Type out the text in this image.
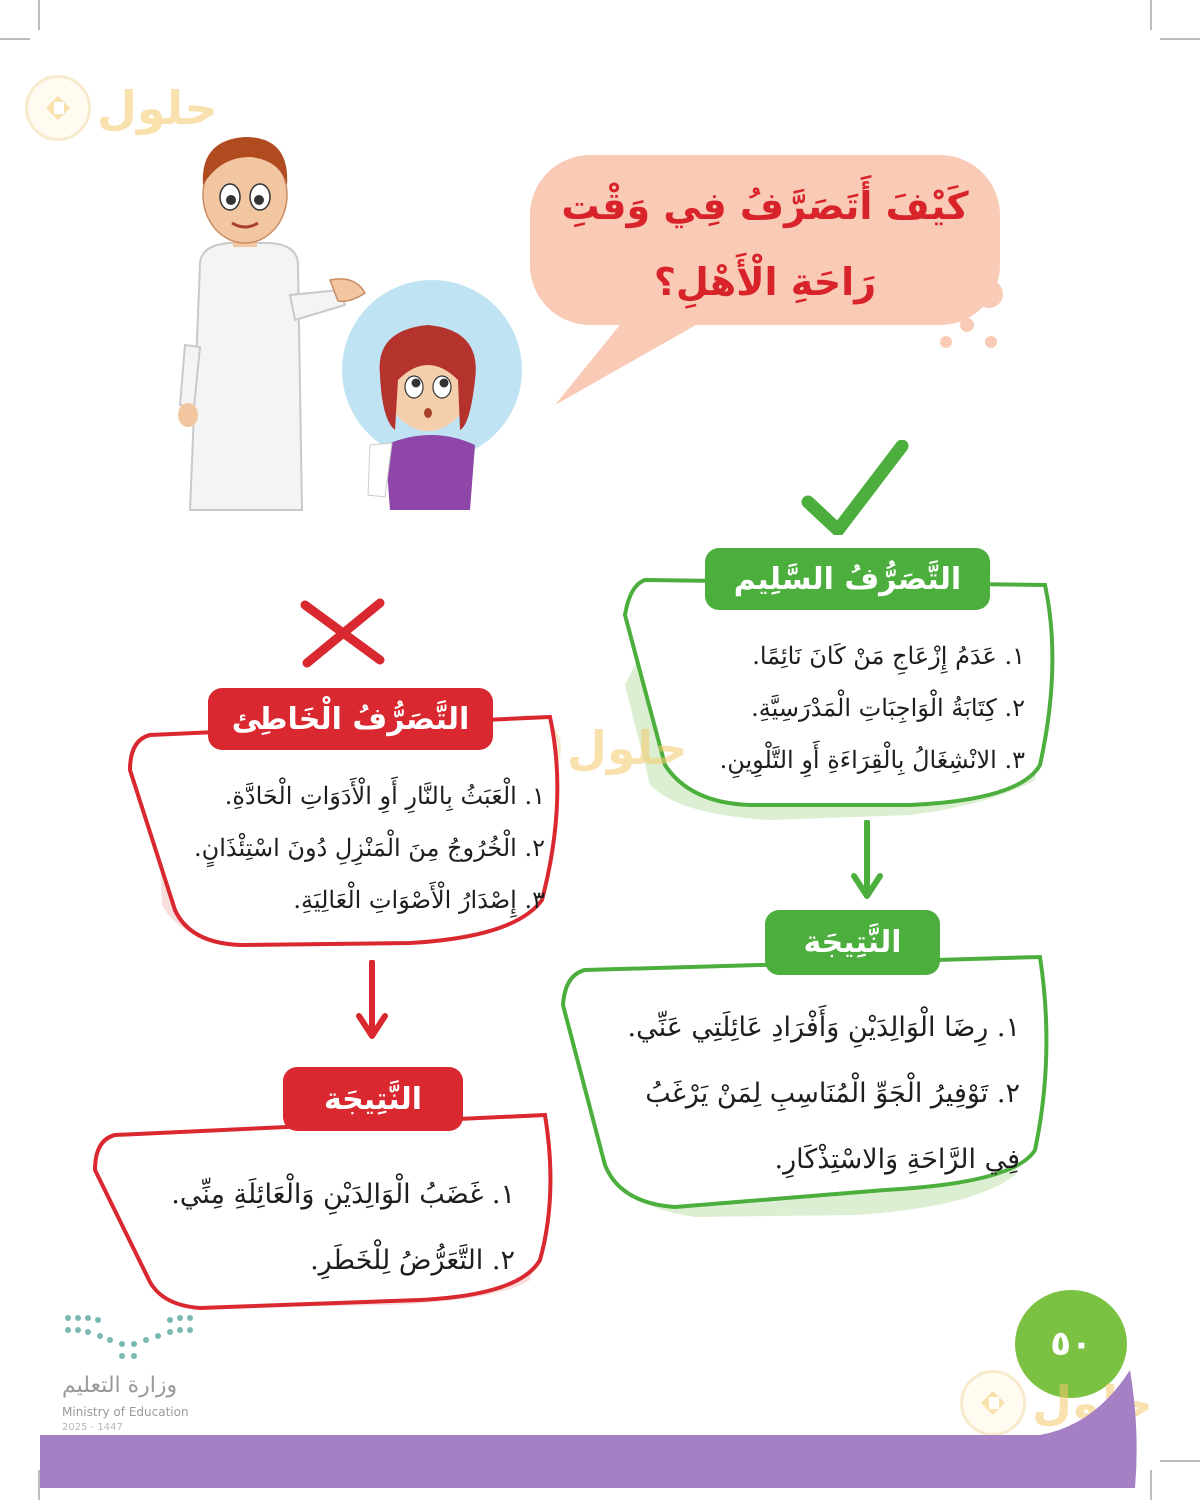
حلول
كَيْفَ أَتَصَرَّفُ فِي وَقْتِ
رَاحَةِ الْأَهْلِ؟
التَّصَرُّفُ السَّلِيم
١. عَدَمُ إِزْعَاجِ مَنْ كَانَ نَائِمًا.
٢. كِتَابَةُ الْوَاجِبَاتِ الْمَدْرَسِيَّةِ.
٣. الانْشِغَالُ بِالْقِرَاءَةِ أَوِ التَّلْوِينِ.
حلول
النَّتِيجَة
١. رِضَا الْوَالِدَيْنِ وَأَفْرَادِ عَائِلَتِي عَنِّي.
٢. تَوْفِيرُ الْجَوِّ الْمُنَاسِبِ لِمَنْ يَرْغَبُ
فِي الرَّاحَةِ وَالاسْتِذْكَارِ.
التَّصَرُّفُ الْخَاطِئ
١. الْعَبَثُ بِالنَّارِ أَوِ الْأَدَوَاتِ الْحَادَّةِ.
٢. الْخُرُوجُ مِنَ الْمَنْزِلِ دُونَ اسْتِئْذَانٍ.
٣. إِصْدَارُ الْأَصْوَاتِ الْعَالِيَةِ.
النَّتِيجَة
١. غَضَبُ الْوَالِدَيْنِ وَالْعَائِلَةِ مِنِّي.
٢. التَّعَرُّضُ لِلْخَطَرِ.
وزارة التعليم
Ministry of Education
2025 - 1447
٥٠
حلول
